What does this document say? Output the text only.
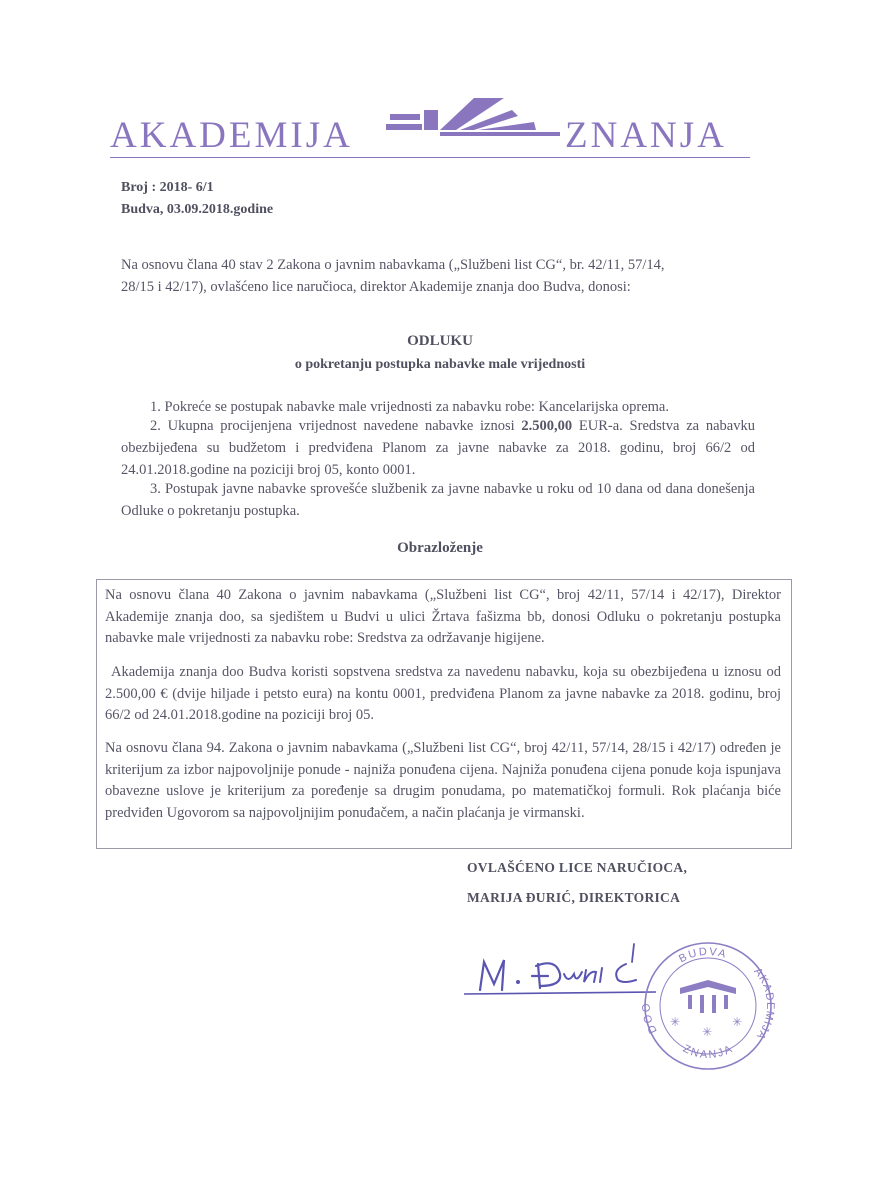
AKADEMIJA	ZNANJA
Broj : 2018- 6/1
Budva, 03.09.2018.godine
Na osnovu člana 40 stav 2 Zakona o javnim nabavkama („Službeni list CG“, br. 42/11, 57/14,
28/15 i 42/17), ovlašćeno lice naručioca, direktor Akademije znanja doo Budva, donosi:
ODLUKU
o pokretanju postupka nabavke male vrijednosti
1. Pokreće se postupak nabavke male vrijednosti za nabavku robe: Kancelarijska oprema.
2. Ukupna procijenjena vrijednost navedene nabavke iznosi 2.500,00 EUR-a. Sredstva za nabavku obezbijeđena su budžetom i predviđena Planom za javne nabavke za 2018. godinu, broj 66/2 od 24.01.2018.godine na poziciji broj 05, konto 0001.
3. Postupak javne nabavke sprovešće službenik za javne nabavke u roku od 10 dana od dana donešenja Odluke o pokretanju postupka.
Obrazloženje
Na osnovu člana 40 Zakona o javnim nabavkama („Službeni list CG“, broj 42/11, 57/14 i 42/17), Direktor Akademije znanja doo, sa sjedištem u Budvi u ulici Žrtava fašizma bb, donosi Odluku o pokretanju postupka nabavke male vrijednosti za nabavku robe: Sredstva za održavanje higijene.
Akademija znanja doo Budva koristi sopstvena sredstva za navedenu nabavku, koja su obezbijeđena u iznosu od 2.500,00 € (dvije hiljade i petsto eura) na kontu 0001, predviđena Planom za javne nabavke za 2018. godinu, broj 66/2 od 24.01.2018.godine na poziciji broj 05.
Na osnovu člana 94. Zakona o javnim nabavkama („Službeni list CG“, broj 42/11, 57/14, 28/15 i 42/17) određen je kriterijum za izbor najpovoljnije ponude - najniža ponuđena cijena. Najniža ponuđena cijena ponude koja ispunjava obavezne uslove je kriterijum za poređenje sa drugim ponudama, po matematičkoj formuli. Rok plaćanja biće predviđen Ugovorom sa najpovoljnijim ponuđačem, a način plaćanja je virmanski.
OVLAŠĆENO LICE NARUČIOCA,
MARIJA ĐURIĆ, DIREKTORICA
BUDVA
DOO
AKADEMIJA
ZNANJA
✳
✳
✳
